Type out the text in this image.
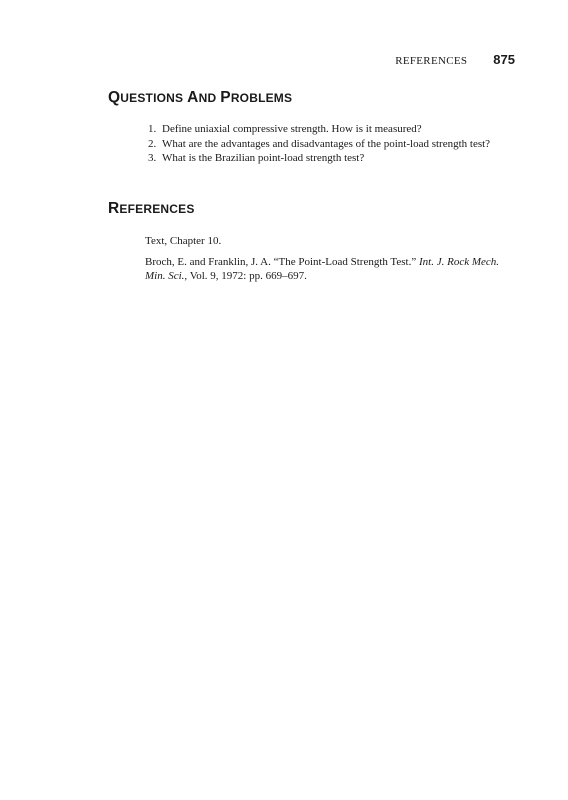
REFERENCES 875
QUESTIONS AND PROBLEMS
1. Define uniaxial compressive strength. How is it measured?
2. What are the advantages and disadvantages of the point-load strength test?
3. What is the Brazilian point-load strength test?
REFERENCES

Text, Chapter 10.

Broch, E. and Franklin, J. A. “The Point-Load Strength Test.” Int. J. Rock Mech. Min. Sci., Vol. 9, 1972: pp. 669–697.
